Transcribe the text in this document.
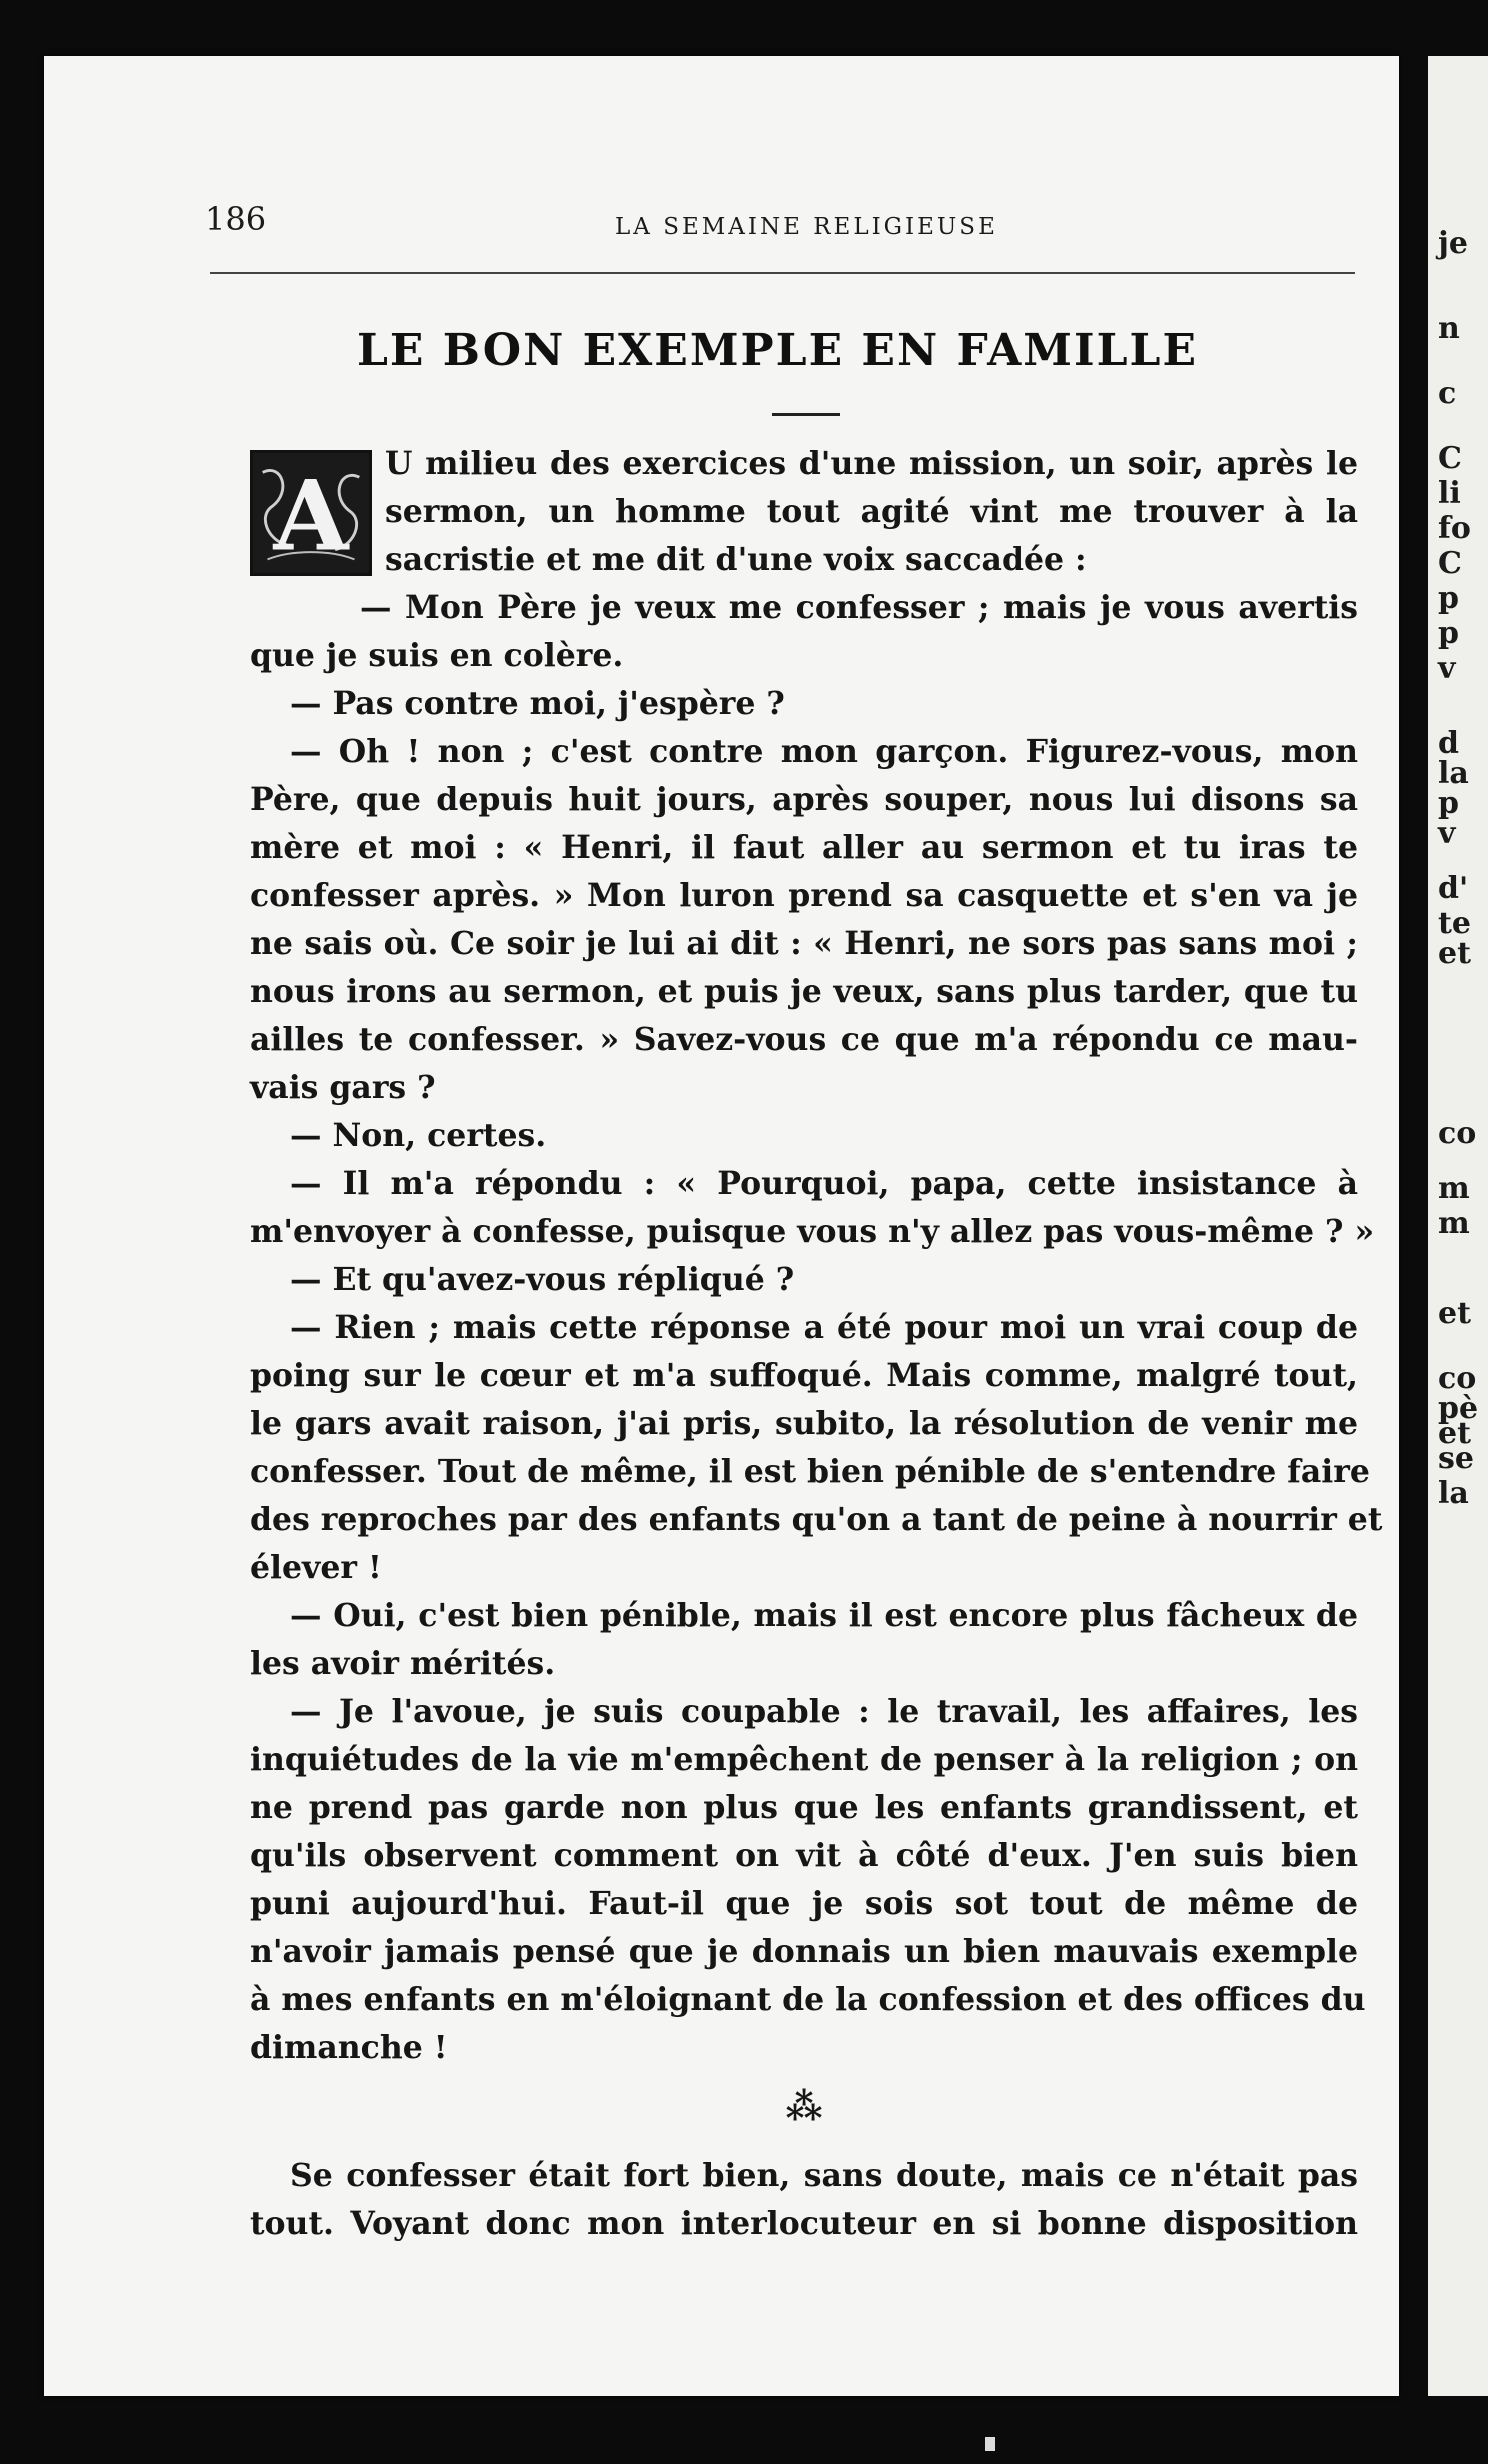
je
n
c
C
li
fo
C
p
p
v
d
la
p
v
d'
te
et
co
m
m
et
co
pè
et
se
la
186	LA SEMAINE RELIGIEUSE
LE BON EXEMPLE EN FAMILLE
A	U milieu des exercices d'une mission, un soir, après le
sermon, un homme tout agité vint me trouver à la
sacristie et me dit d'une voix saccadée :
— Mon Père je veux me confesser ; mais je vous avertis
que je suis en colère.
— Pas contre moi, j'espère ?
— Oh ! non ; c'est contre mon garçon. Figurez-vous, mon
Père, que depuis huit jours, après souper, nous lui disons sa
mère et moi : « Henri, il faut aller au sermon et tu iras te
confesser après. » Mon luron prend sa casquette et s'en va je
ne sais où. Ce soir je lui ai dit : « Henri, ne sors pas sans moi ;
nous irons au sermon, et puis je veux, sans plus tarder, que tu
ailles te confesser. » Savez-vous ce que m'a répondu ce mau-
vais gars ?
— Non, certes.
— Il m'a répondu : « Pourquoi, papa, cette insistance à
m'envoyer à confesse, puisque vous n'y allez pas vous-même ? »
— Et qu'avez-vous répliqué ?
— Rien ; mais cette réponse a été pour moi un vrai coup de
poing sur le cœur et m'a suffoqué. Mais comme, malgré tout,
le gars avait raison, j'ai pris, subito, la résolution de venir me
confesser. Tout de même, il est bien pénible de s'entendre faire
des reproches par des enfants qu'on a tant de peine à nourrir et
élever !
— Oui, c'est bien pénible, mais il est encore plus fâcheux de
les avoir mérités.
— Je l'avoue, je suis coupable : le travail, les affaires, les
inquiétudes de la vie m'empêchent de penser à la religion ; on
ne prend pas garde non plus que les enfants grandissent, et
qu'ils observent comment on vit à côté d'eux. J'en suis bien
puni aujourd'hui. Faut-il que je sois sot tout de même de
n'avoir jamais pensé que je donnais un bien mauvais exemple
à mes enfants en m'éloignant de la confession et des offices du
dimanche !
⁂
Se confesser était fort bien, sans doute, mais ce n'était pas
tout. Voyant donc mon interlocuteur en si bonne disposition
